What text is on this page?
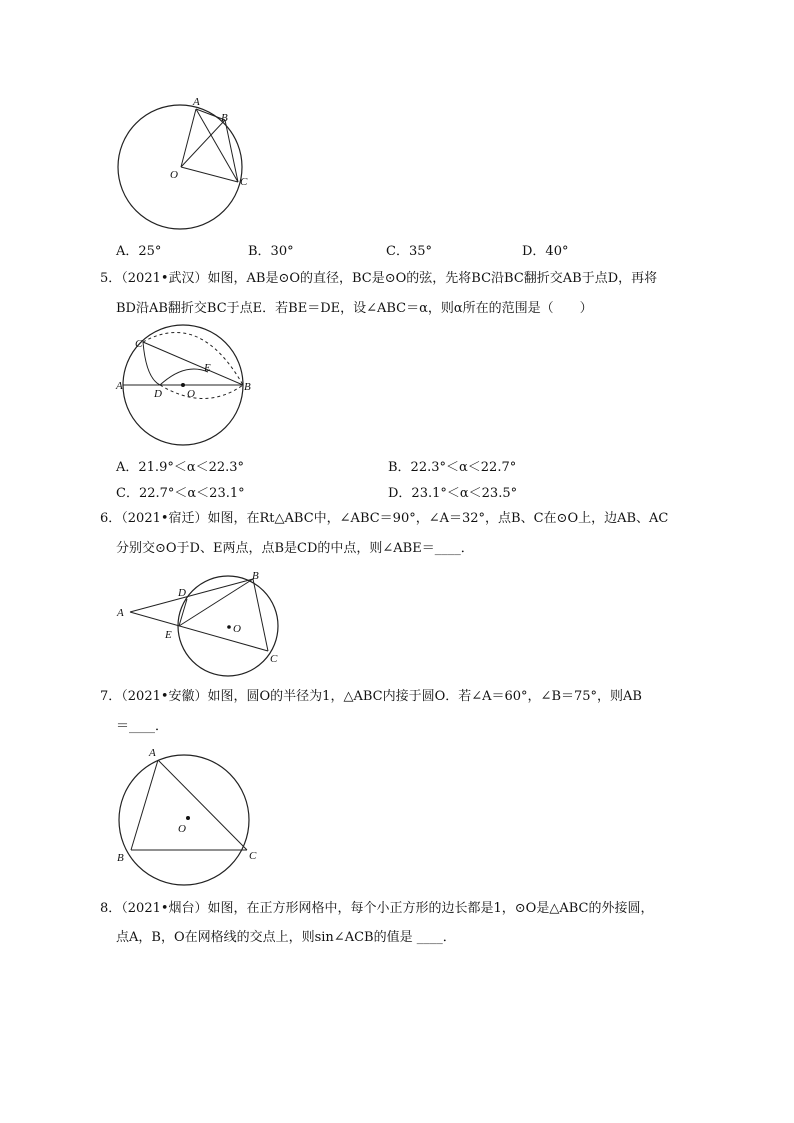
A
B
C
O
A．25°	B．30°	C．35°	D．40°
5．（2021•武汉）如图，AB是⊙O的直径，BC是⊙O的弦，先将BC沿BC翻折交AB于点D，再将
BD沿AB翻折交BC于点E．若BE＝DE，设∠ABC＝α，则α所在的范围是（　　）
A	B
C
D
E
O
A．21.9°＜α＜22.3°	B．22.3°＜α＜22.7°
C．22.7°＜α＜23.1°	D．23.1°＜α＜23.5°
6．（2021•宿迁）如图，在Rt△ABC中，∠ABC＝90°，∠A＝32°，点B、C在⊙O上，边AB、AC
分别交⊙O于D、E两点，点B是CD的中点，则∠ABE＝____．
A
B
C
D
E	O
7．（2021•安徽）如图，圆O的半径为1，△ABC内接于圆O．若∠A＝60°，∠B＝75°，则AB
＝____．
A
B	C
O
8．（2021•烟台）如图，在正方形网格中，每个小正方形的边长都是1，⊙O是△ABC的外接圆，
点A，B，O在网格线的交点上，则sin∠ACB的值是 ____．
